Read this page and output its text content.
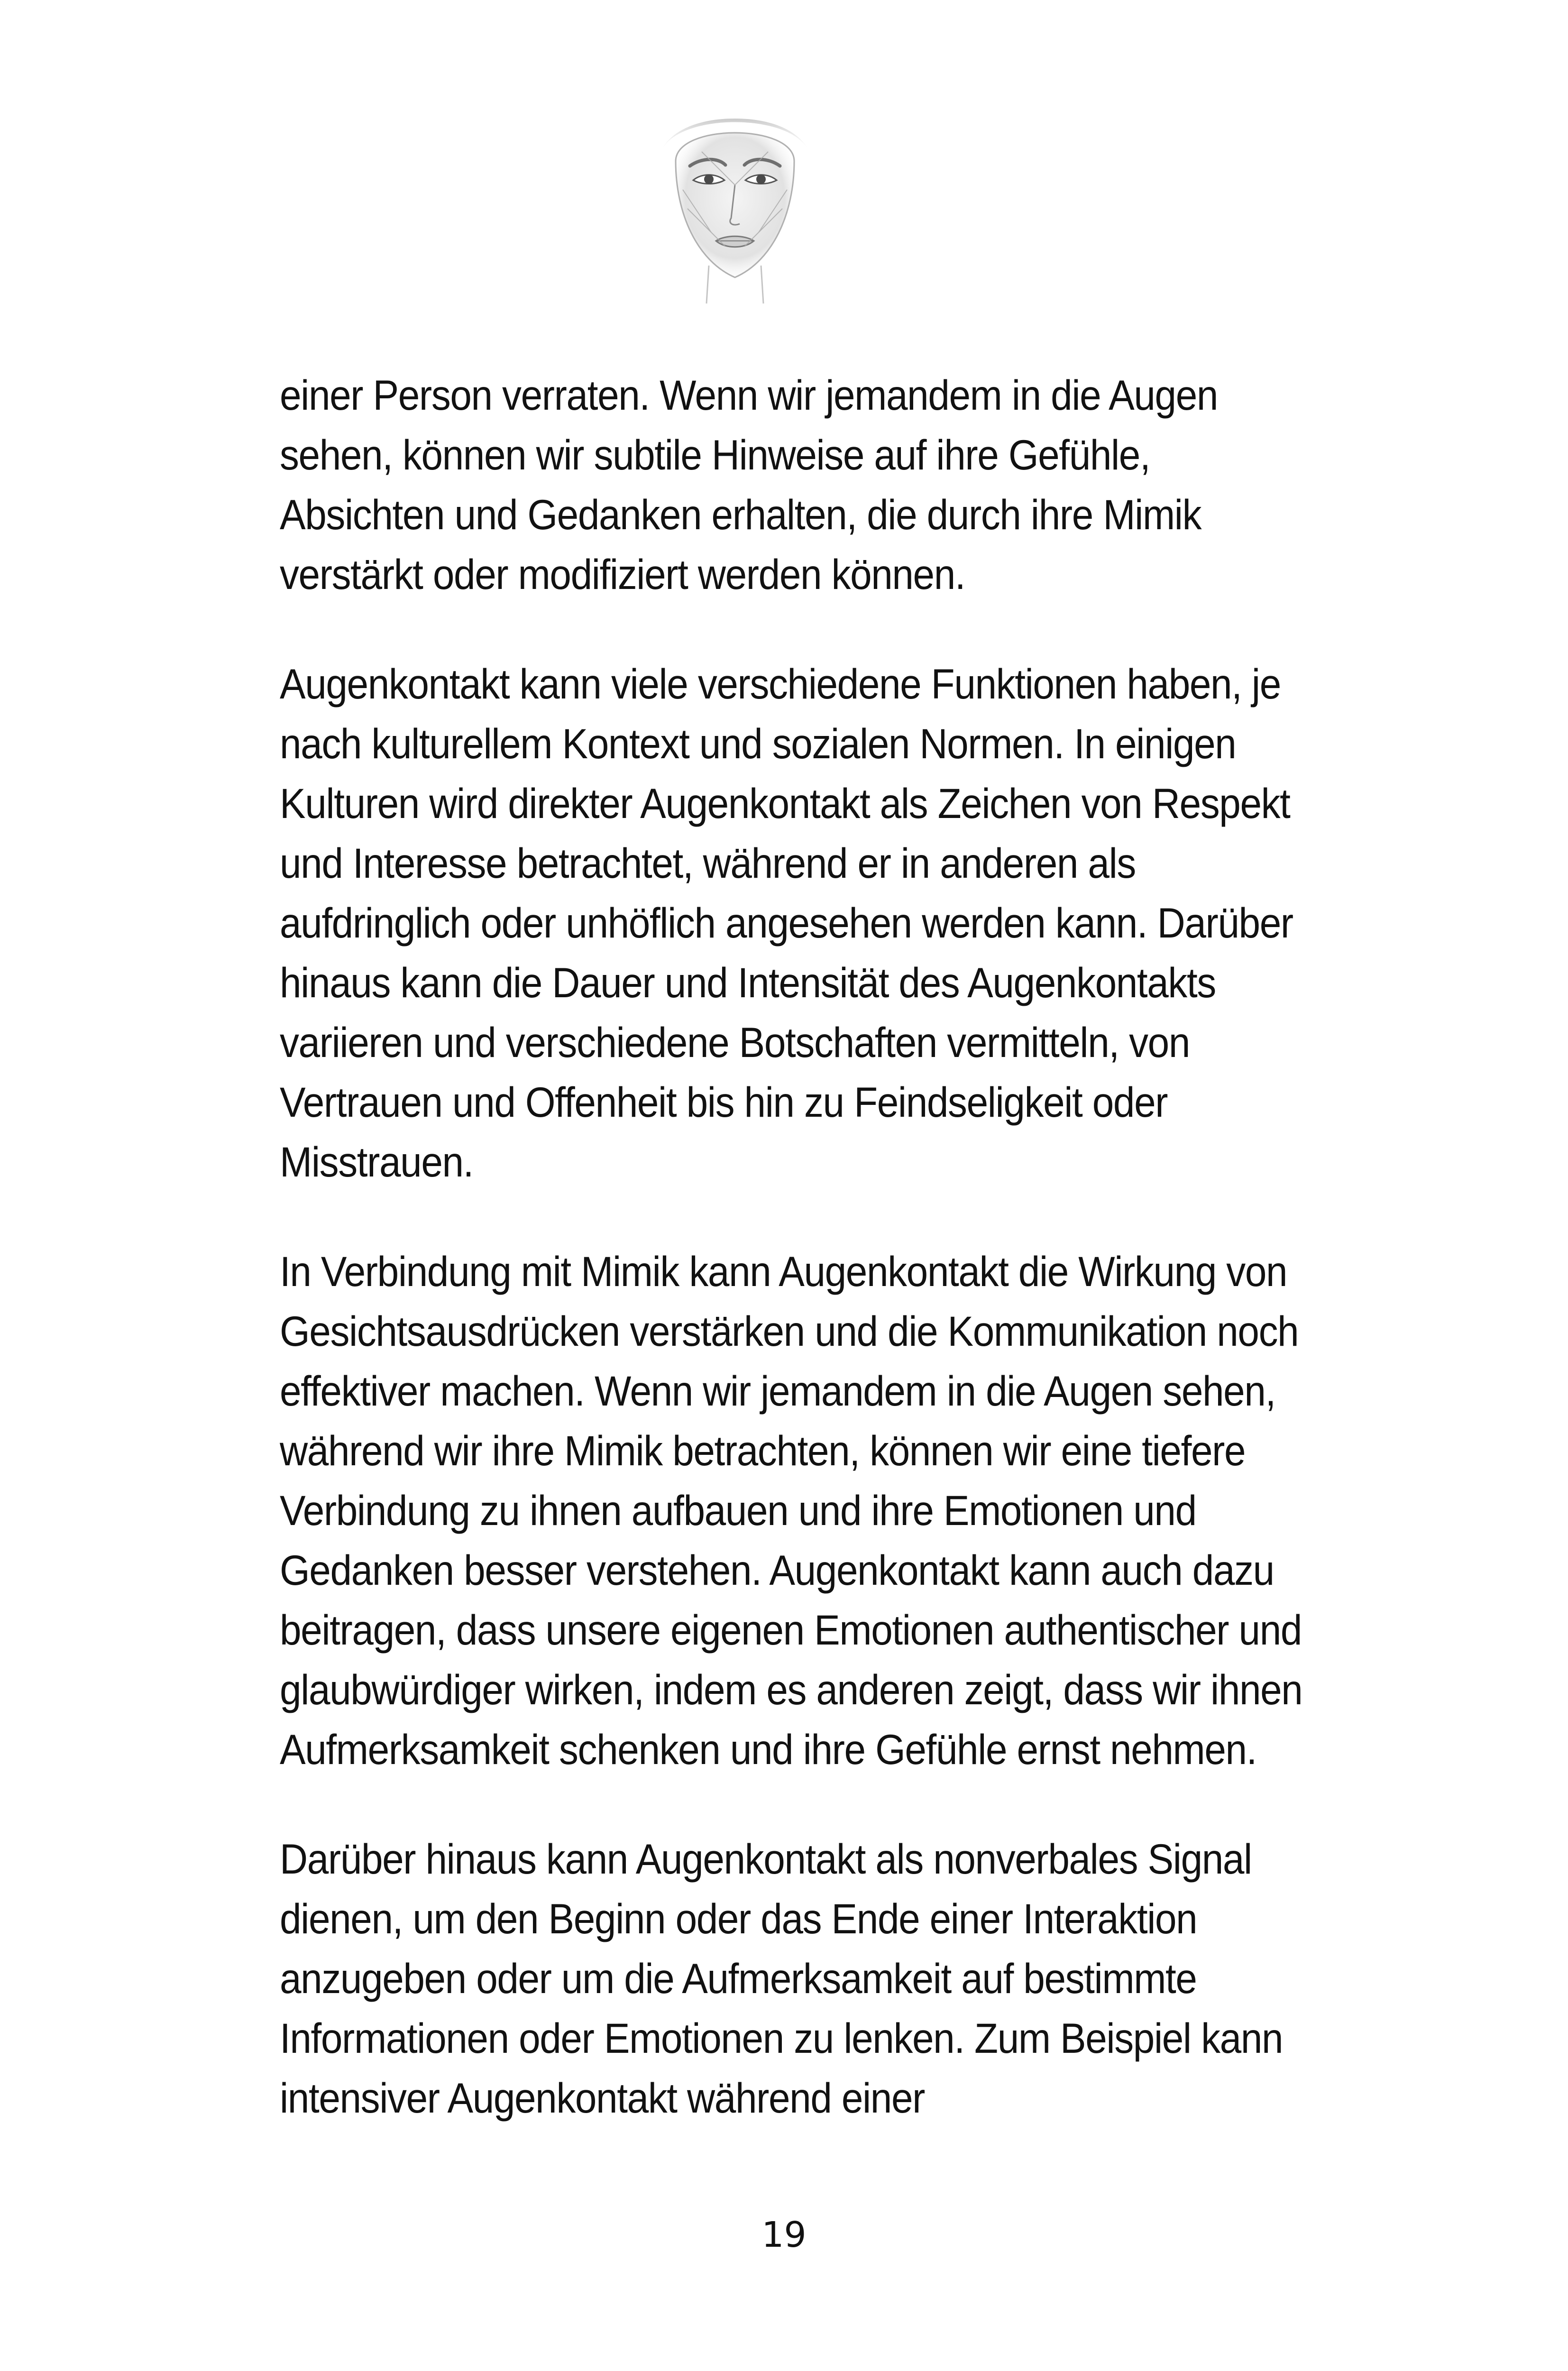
einer Person verraten. Wenn wir jemandem in die Augen sehen, können wir subtile Hinweise auf ihre Gefühle, Absichten und Gedanken erhalten, die durch ihre Mimik verstärkt oder modifiziert werden können.

Augenkontakt kann viele verschiedene Funktionen haben, je nach kulturellem Kontext und sozialen Normen. In einigen Kulturen wird direkter Augenkontakt als Zeichen von Respekt und Interesse betrachtet, während er in anderen als aufdringlich oder unhöflich angesehen werden kann. Darüber hinaus kann die Dauer und Intensität des Augenkontakts variieren und verschiedene Botschaften vermitteln, von Vertrauen und Offenheit bis hin zu Feindseligkeit oder Misstrauen.

In Verbindung mit Mimik kann Augenkontakt die Wirkung von Gesichtsausdrücken verstärken und die Kommunikation noch effektiver machen. Wenn wir jemandem in die Augen sehen, während wir ihre Mimik betrachten, können wir eine tiefere Verbindung zu ihnen aufbauen und ihre Emotionen und Gedanken besser verstehen. Augenkontakt kann auch dazu beitragen, dass unsere eigenen Emotionen authentischer und glaubwürdiger wirken, indem es anderen zeigt, dass wir ihnen Aufmerksamkeit schenken und ihre Gefühle ernst nehmen.

Darüber hinaus kann Augenkontakt als nonverbales Signal dienen, um den Beginn oder das Ende einer Interaktion anzugeben oder um die Aufmerksamkeit auf bestimmte Informationen oder Emotionen zu lenken. Zum Beispiel kann intensiver Augenkontakt während einer

19
